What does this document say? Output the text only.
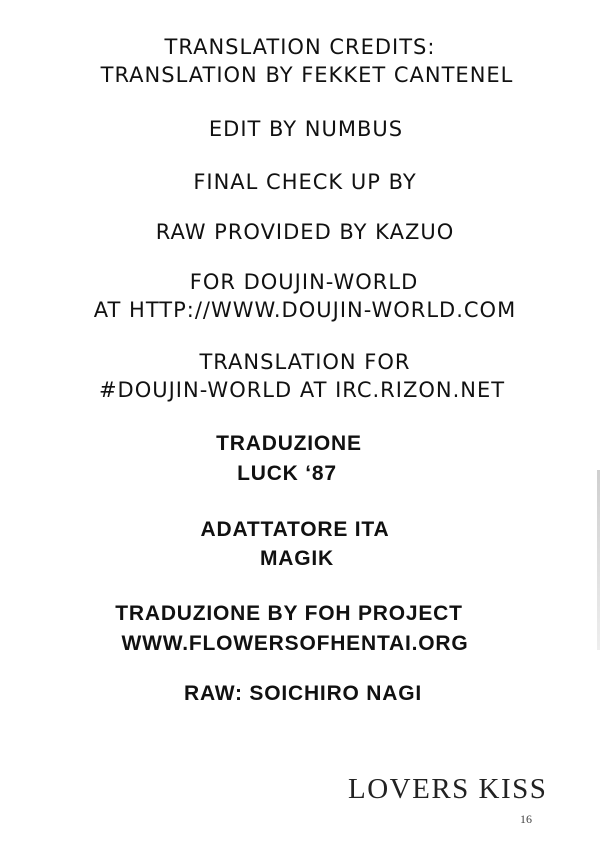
TRANSLATION CREDITS:
TRANSLATION BY FEKKET CANTENEL
EDIT BY NUMBUS
FINAL CHECK UP BY
RAW PROVIDED BY KAZUO
FOR DOUJIN-WORLD
AT HTTP://WWW.DOUJIN-WORLD.COM
TRANSLATION FOR
#DOUJIN-WORLD AT IRC.RIZON.NET
TRADUZIONE
LUCK ‘87
ADATTATORE ITA
MAGIK
TRADUZIONE BY FOH PROJECT
WWW.FLOWERSOFHENTAI.ORG
RAW: SOICHIRO NAGI
LOVERS KISS
16
